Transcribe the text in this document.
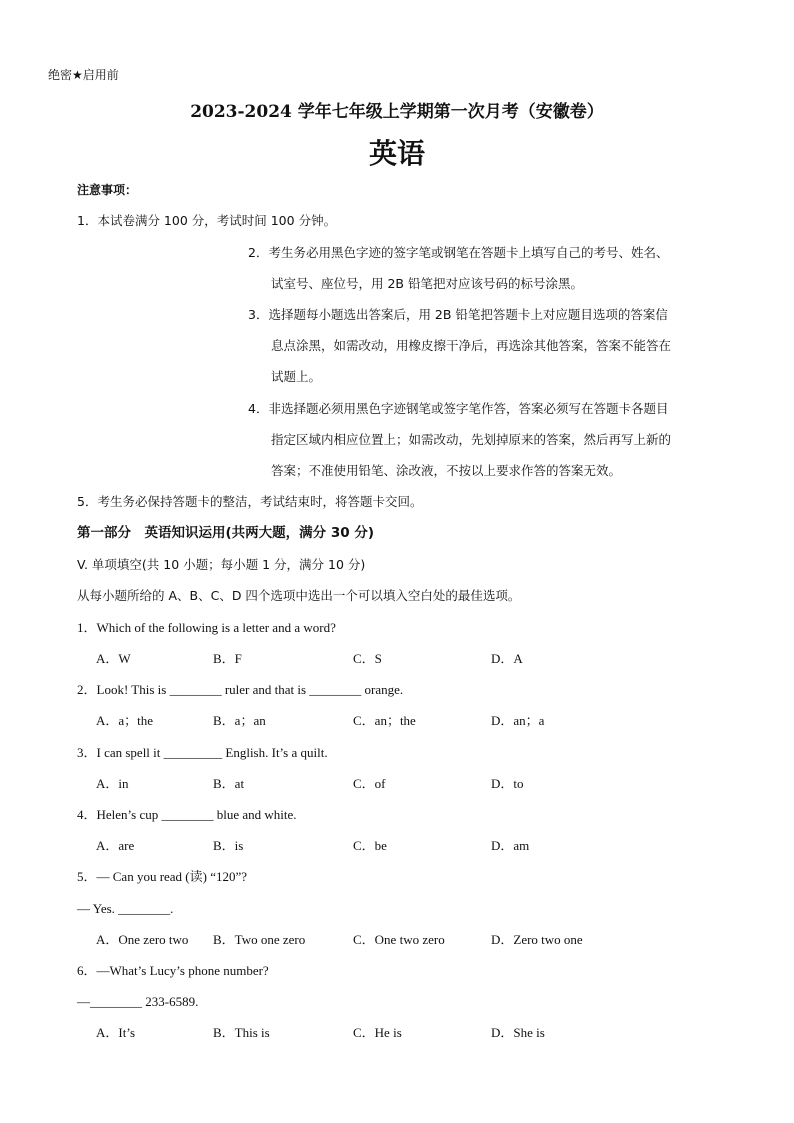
绝密★启用前
2023-2024 学年七年级上学期第一次月考（安徽卷）
英语
注意事项：
1．本试卷满分 100 分，考试时间 100 分钟。
2．考生务必用黑色字迹的签字笔或钢笔在答题卡上填写自己的考号、姓名、
试室号、座位号，用 2B 铅笔把对应该号码的标号涂黑。
3．选择题每小题选出答案后，用 2B 铅笔把答题卡上对应题目选项的答案信
息点涂黑，如需改动，用橡皮擦干净后，再选涂其他答案，答案不能答在
试题上。
4．非选择题必须用黑色字迹钢笔或签字笔作答，答案必须写在答题卡各题目
指定区域内相应位置上；如需改动，先划掉原来的答案，然后再写上新的
答案；不准使用铅笔、涂改液，不按以上要求作答的答案无效。
5．考生务必保持答题卡的整洁，考试结束时，将答题卡交回。
第一部分　英语知识运用(共两大题，满分 30 分)
V. 单项填空(共 10 小题；每小题 1 分，满分 10 分)
从每小题所给的 A、B、C、D 四个选项中选出一个可以填入空白处的最佳选项。
1．Which of the following is a letter and a word?
A．W	B．F	C．S	D．A
2．Look! This is ________ ruler and that is ________ orange.
A．a；the	B．a；an	C．an；the	D．an；a
3．I can spell it _________ English. It’s a quilt.
A．in	B．at	C．of	D．to
4．Helen’s cup ________ blue and white.
A．are	B．is	C．be	D．am
5．— Can you read (读) “120”?
— Yes. ________.
A．One zero two B．Two one zero	C．One two zero	D．Zero two one
6．—What’s Lucy’s phone number?
—________ 233-6589.
A．It’s	B．This is	C．He is	D．She is
